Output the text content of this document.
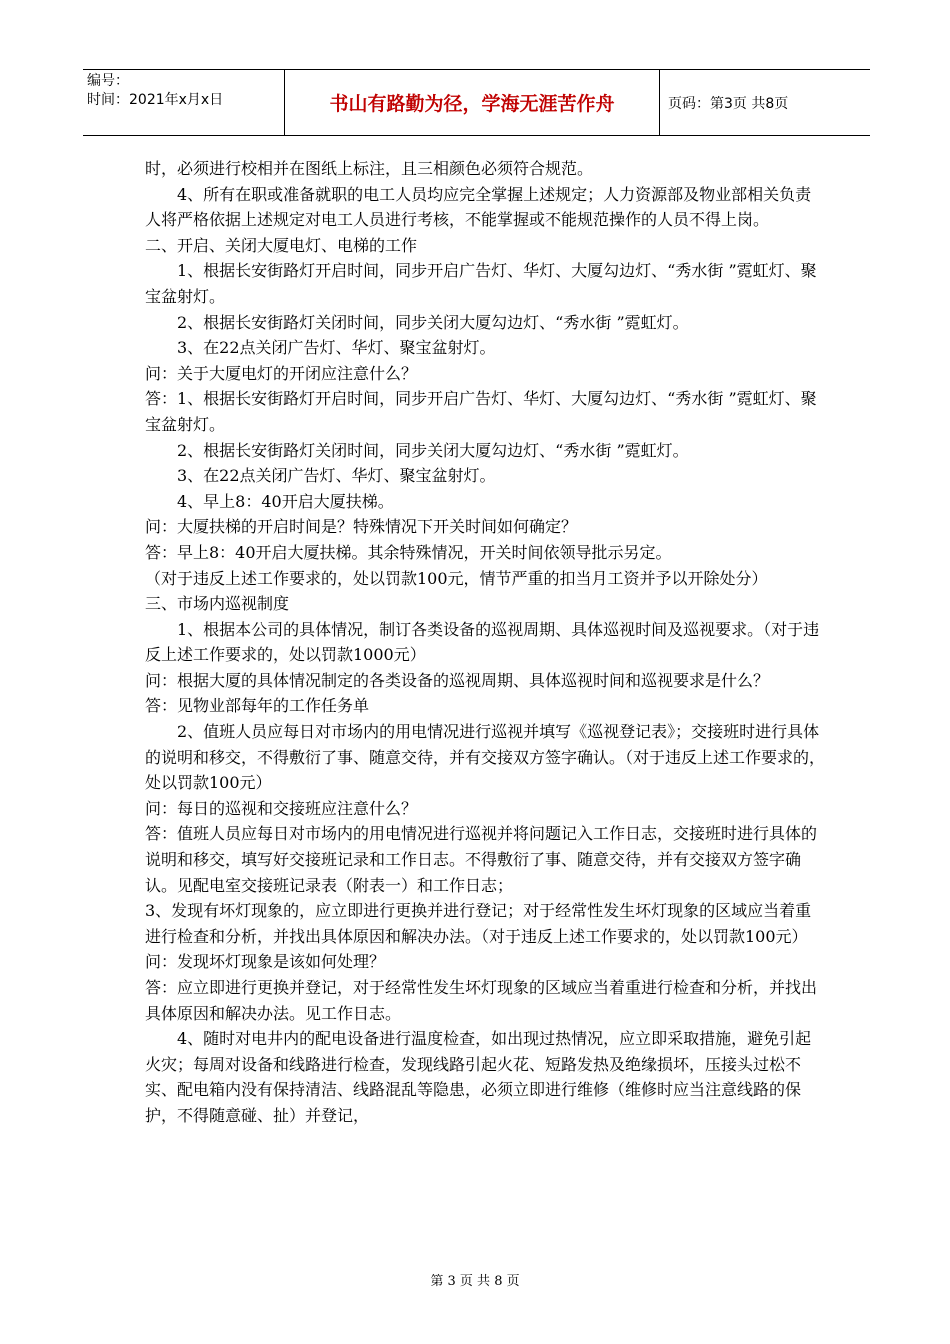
编号：
时间：2021年x月x日	书山有路勤为径，学海无涯苦作舟	页码：第3页 共8页

时，必须进行校相并在图纸上标注，且三相颜色必须符合规范。

4、所有在职或准备就职的电工人员均应完全掌握上述规定；人力资源部及物业部相关负责人将严格依据上述规定对电工人员进行考核，不能掌握或不能规范操作的人员不得上岗。

二、开启、关闭大厦电灯、电梯的工作

1、根据长安街路灯开启时间，同步开启广告灯、华灯、大厦勾边灯、“秀水街 ”霓虹灯、聚宝盆射灯。

2、根据长安街路灯关闭时间，同步关闭大厦勾边灯、“秀水街 ”霓虹灯。

3、在22点关闭广告灯、华灯、聚宝盆射灯。

问：关于大厦电灯的开闭应注意什么？

答：1、根据长安街路灯开启时间，同步开启广告灯、华灯、大厦勾边灯、“秀水街 ”霓虹灯、聚宝盆射灯。

2、根据长安街路灯关闭时间，同步关闭大厦勾边灯、“秀水街 ”霓虹灯。

3、在22点关闭广告灯、华灯、聚宝盆射灯。

4、早上8：40开启大厦扶梯。

问：大厦扶梯的开启时间是？特殊情况下开关时间如何确定？

答：早上8：40开启大厦扶梯。其余特殊情况，开关时间依领导批示另定。

（对于违反上述工作要求的，处以罚款100元，情节严重的扣当月工资并予以开除处分）

三、市场内巡视制度

1、根据本公司的具体情况，制订各类设备的巡视周期、具体巡视时间及巡视要求。（对于违反上述工作要求的，处以罚款1000元）

问：根据大厦的具体情况制定的各类设备的巡视周期、具体巡视时间和巡视要求是什么？

答：见物业部每年的工作任务单

2、值班人员应每日对市场内的用电情况进行巡视并填写《巡视登记表》；交接班时进行具体的说明和移交，不得敷衍了事、随意交待，并有交接双方签字确认。（对于违反上述工作要求的，处以罚款100元）

问：每日的巡视和交接班应注意什么？

答：值班人员应每日对市场内的用电情况进行巡视并将问题记入工作日志，交接班时进行具体的说明和移交，填写好交接班记录和工作日志。不得敷衍了事、随意交待，并有交接双方签字确认。见配电室交接班记录表（附表一）和工作日志；

3、发现有坏灯现象的，应立即进行更换并进行登记；对于经常性发生坏灯现象的区域应当着重进行检查和分析，并找出具体原因和解决办法。（对于违反上述工作要求的，处以罚款100元）

问：发现坏灯现象是该如何处理？

答：应立即进行更换并登记，对于经常性发生坏灯现象的区域应当着重进行检查和分析，并找出具体原因和解决办法。见工作日志。

4、随时对电井内的配电设备进行温度检查，如出现过热情况，应立即采取措施，避免引起火灾；每周对设备和线路进行检查，发现线路引起火花、短路发热及绝缘损坏，压接头过松不实、配电箱内没有保持清洁、线路混乱等隐患，必须立即进行维修（维修时应当注意线路的保护，不得随意碰、扯）并登记，

第 3 页 共 8 页
